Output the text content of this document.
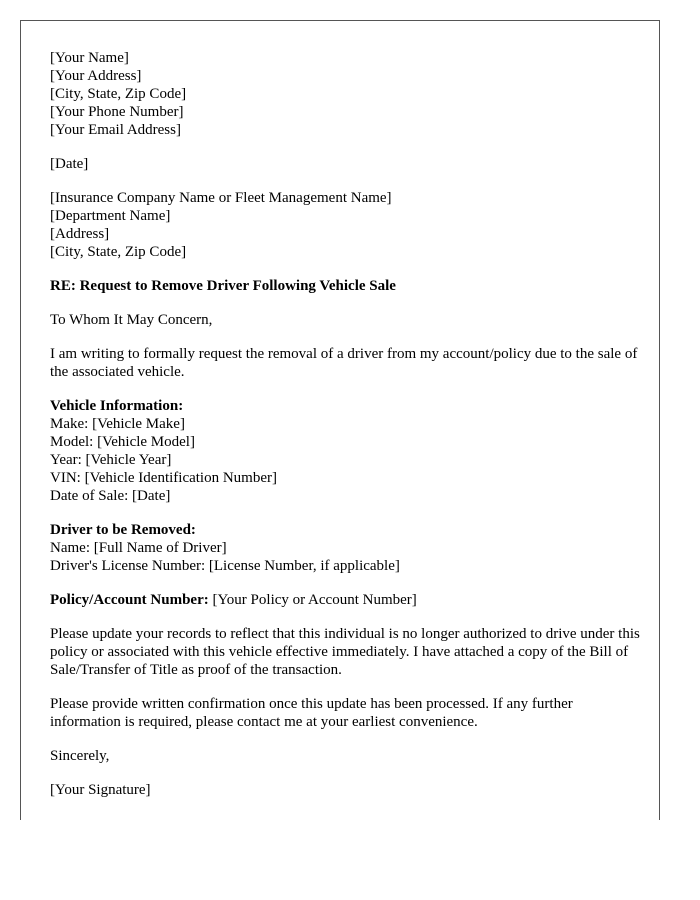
[Your Name]
[Your Address]
[City, State, Zip Code]
[Your Phone Number]
[Your Email Address]
[Date]
[Insurance Company Name or Fleet Management Name]
[Department Name]
[Address]
[City, State, Zip Code]
RE: Request to Remove Driver Following Vehicle Sale
To Whom It May Concern,
I am writing to formally request the removal of a driver from my account/policy due to the sale of the associated vehicle.
Vehicle Information:
Make: [Vehicle Make]
Model: [Vehicle Model]
Year: [Vehicle Year]
VIN: [Vehicle Identification Number]
Date of Sale: [Date]
Driver to be Removed:
Name: [Full Name of Driver]
Driver's License Number: [License Number, if applicable]
Policy/Account Number: [Your Policy or Account Number]
Please update your records to reflect that this individual is no longer authorized to drive under this policy or associated with this vehicle effective immediately. I have attached a copy of the Bill of Sale/Transfer of Title as proof of the transaction.
Please provide written confirmation once this update has been processed. If any further information is required, please contact me at your earliest convenience.
Sincerely,
[Your Signature]
